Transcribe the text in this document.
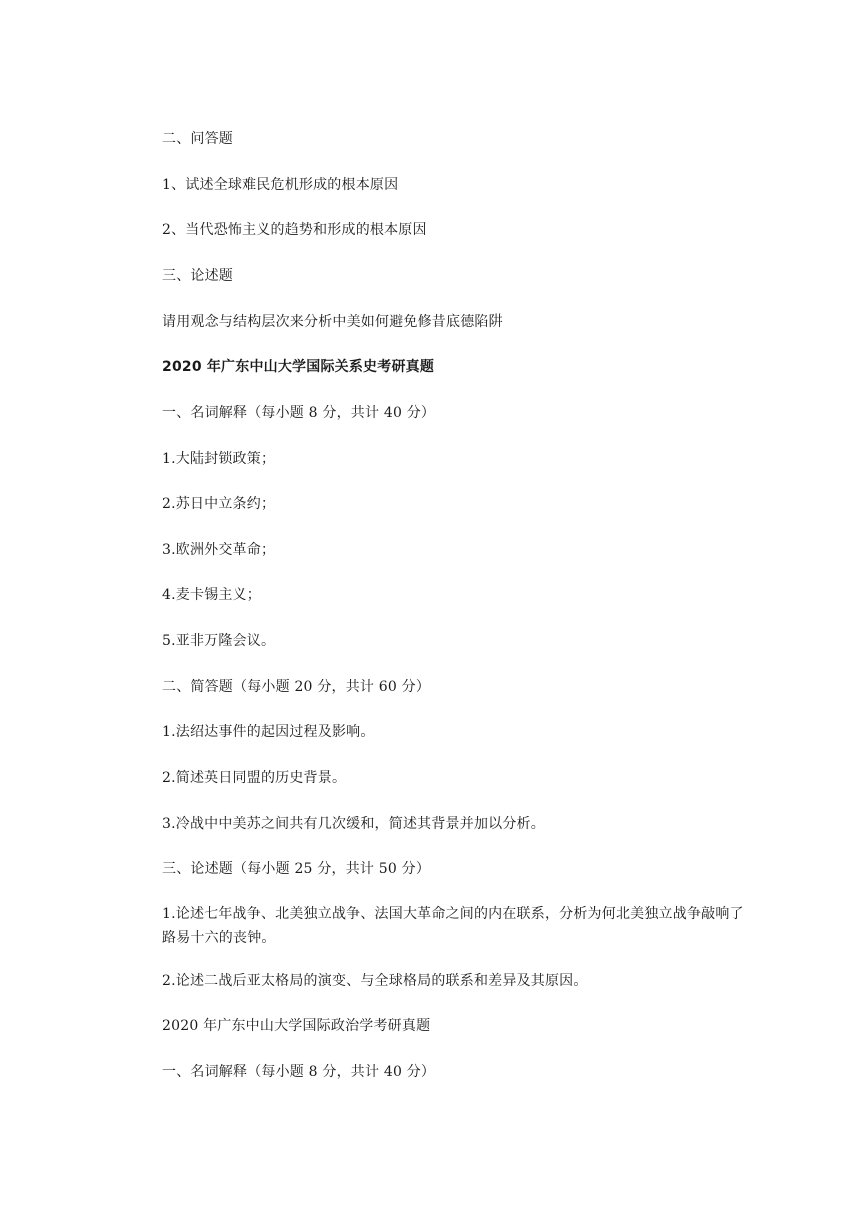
二、问答题
1、试述全球难民危机形成的根本原因
2、当代恐怖主义的趋势和形成的根本原因
三、论述题
请用观念与结构层次来分析中美如何避免修昔底德陷阱
2020 年广东中山大学国际关系史考研真题
一、名词解释（每小题 8 分，共计 40 分）
1.大陆封锁政策；
2.苏日中立条约；
3.欧洲外交革命；
4.麦卡锡主义；
5.亚非万隆会议。
二、简答题（每小题 20 分，共计 60 分）
1.法绍达事件的起因过程及影响。
2.简述英日同盟的历史背景。
3.冷战中中美苏之间共有几次缓和，简述其背景并加以分析。
三、论述题（每小题 25 分，共计 50 分）
1.论述七年战争、北美独立战争、法国大革命之间的内在联系，分析为何北美独立战争敲响了路易十六的丧钟。
2.论述二战后亚太格局的演变、与全球格局的联系和差异及其原因。
2020 年广东中山大学国际政治学考研真题
一、名词解释（每小题 8 分，共计 40 分）
